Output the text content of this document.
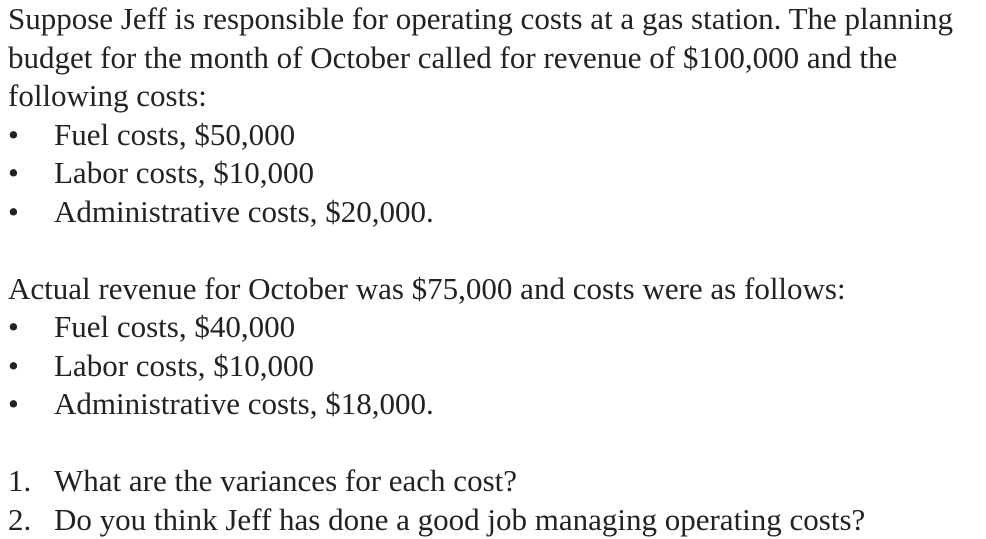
Suppose Jeff is responsible for operating costs at a gas station. The planning budget for the month of October called for revenue of $100,000 and the following costs:

• Fuel costs, $50,000
• Labor costs, $10,000
• Administrative costs, $20,000.

Actual revenue for October was $75,000 and costs were as follows:

• Fuel costs, $40,000
• Labor costs, $10,000
• Administrative costs, $18,000.
1. What are the variances for each cost?
2. Do you think Jeff has done a good job managing operating costs?
